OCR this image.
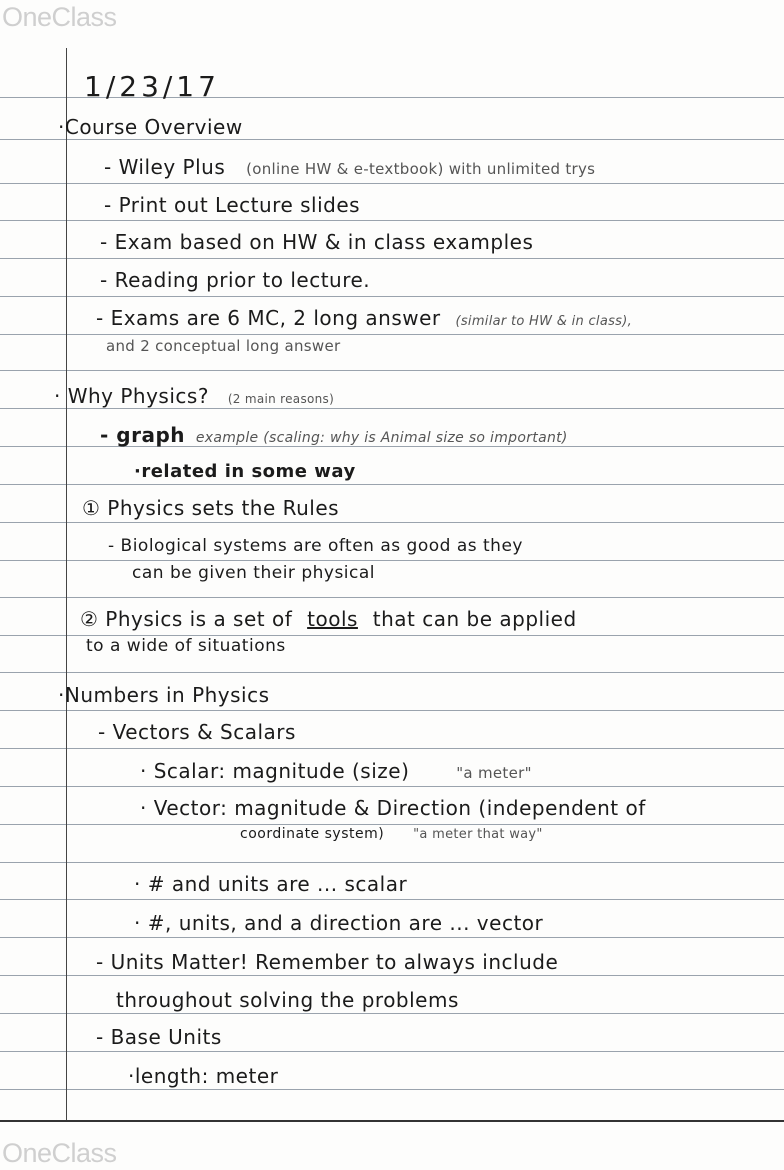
OneClass
1/23/17
·Course Overview
- Wiley Plus (online HW & e-textbook) with unlimited trys
- Print out Lecture slides
- Exam based on HW & in class examples
- Reading prior to lecture.
- Exams are 6 MC, 2 long answer (similar to HW & in class),
and 2 conceptual long answer
· Why Physics? (2 main reasons)
- graph example (scaling: why is Animal size so important)
·related in some way
① Physics sets the Rules
- Biological systems are often as good as they
can be given their physical
② Physics is a set of tools that can be applied
to a wide of situations
·Numbers in Physics
- Vectors & Scalars
· Scalar: magnitude (size)	"a meter"
· Vector: magnitude & Direction (independent of
coordinate system) "a meter that way"
· # and units are ... scalar
· #, units, and a direction are ... vector
- Units Matter! Remember to always include
throughout solving the problems
- Base Units
·length: meter
OneClass
